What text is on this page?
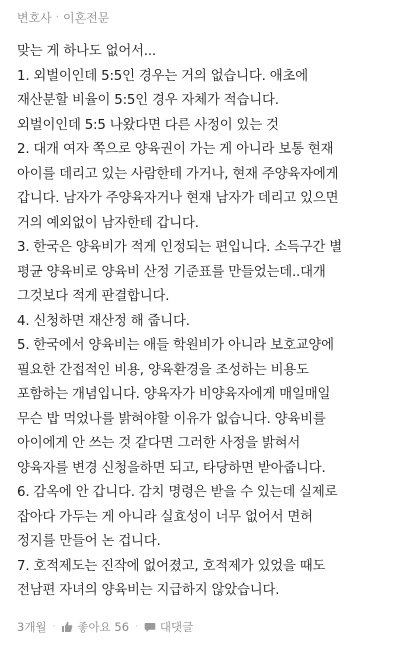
변호사 · 이혼전문
맞는 게 하나도 없어서...
1. 외벌이인데 5:5인 경우는 거의 없습니다. 애초에
재산분할 비율이 5:5인 경우 자체가 적습니다.
외벌이인데 5:5 나왔다면 다른 사정이 있는 것
2. 대개 여자 쪽으로 양육권이 가는 게 아니라 보통 현재
아이를 데리고 있는 사람한테 가거나, 현재 주양육자에게
갑니다. 남자가 주양육자거나 현재 남자가 데리고 있으면
거의 예외없이 남자한테 갑니다.
3. 한국은 양육비가 적게 인정되는 편입니다. 소득구간 별
평균 양육비로 양육비 산정 기준표를 만들었는데..대개
그것보다 적게 판결합니다.
4. 신청하면 재산정 해 줍니다.
5. 한국에서 양육비는 애들 학원비가 아니라 보호교양에
필요한 간접적인 비용, 양육환경을 조성하는 비용도
포함하는 개념입니다. 양육자가 비양육자에게 매일매일
무슨 밥 먹었나를 밝혀야할 이유가 없습니다. 양육비를
아이에게 안 쓰는 것 같다면 그러한 사정을 밝혀서
양육자를 변경 신청을하면 되고, 타당하면 받아줍니다.
6. 감옥에 안 갑니다. 감치 명령은 받을 수 있는데 실제로
잡아다 가두는 게 아니라 실효성이 너무 없어서 면허
정지를 만들어 논 겁니다.
7. 호적제도는 진작에 없어졌고, 호적제가 있었을 때도
전남편 자녀의 양육비는 지급하지 않았습니다.
3개월 · 좋아요 56 · 대댓글
